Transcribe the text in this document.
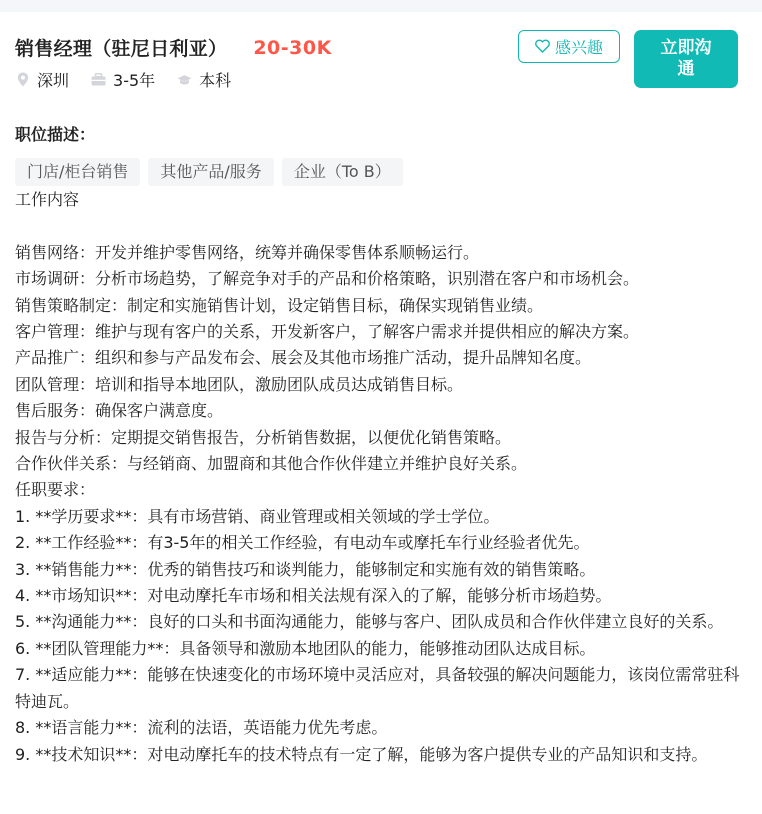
销售经理（驻尼日利亚） 20-30K
深圳	3-5年	本科
感兴趣	立即沟通
职位描述：
门店/柜台销售	其他产品/服务	企业（To B）
工作内容
销售网络：开发并维护零售网络，统筹并确保零售体系顺畅运行。
市场调研：分析市场趋势，了解竞争对手的产品和价格策略，识别潜在客户和市场机会。
销售策略制定：制定和实施销售计划，设定销售目标，确保实现销售业绩。
客户管理：维护与现有客户的关系，开发新客户，了解客户需求并提供相应的解决方案。
产品推广：组织和参与产品发布会、展会及其他市场推广活动，提升品牌知名度。
团队管理：培训和指导本地团队，激励团队成员达成销售目标。
售后服务：确保客户满意度。
报告与分析：定期提交销售报告，分析销售数据，以便优化销售策略。
合作伙伴关系：与经销商、加盟商和其他合作伙伴建立并维护良好关系。
任职要求：
1. **学历要求**：具有市场营销、商业管理或相关领域的学士学位。
2. **工作经验**：有3-5年的相关工作经验，有电动车或摩托车行业经验者优先。
3. **销售能力**：优秀的销售技巧和谈判能力，能够制定和实施有效的销售策略。
4. **市场知识**：对电动摩托车市场和相关法规有深入的了解，能够分析市场趋势。
5. **沟通能力**：良好的口头和书面沟通能力，能够与客户、团队成员和合作伙伴建立良好的关系。
6. **团队管理能力**：具备领导和激励本地团队的能力，能够推动团队达成目标。
7. **适应能力**：能够在快速变化的市场环境中灵活应对，具备较强的解决问题能力，该岗位需常驻科特迪瓦。
8. **语言能力**：流利的法语，英语能力优先考虑。
9. **技术知识**：对电动摩托车的技术特点有一定了解，能够为客户提供专业的产品知识和支持。
